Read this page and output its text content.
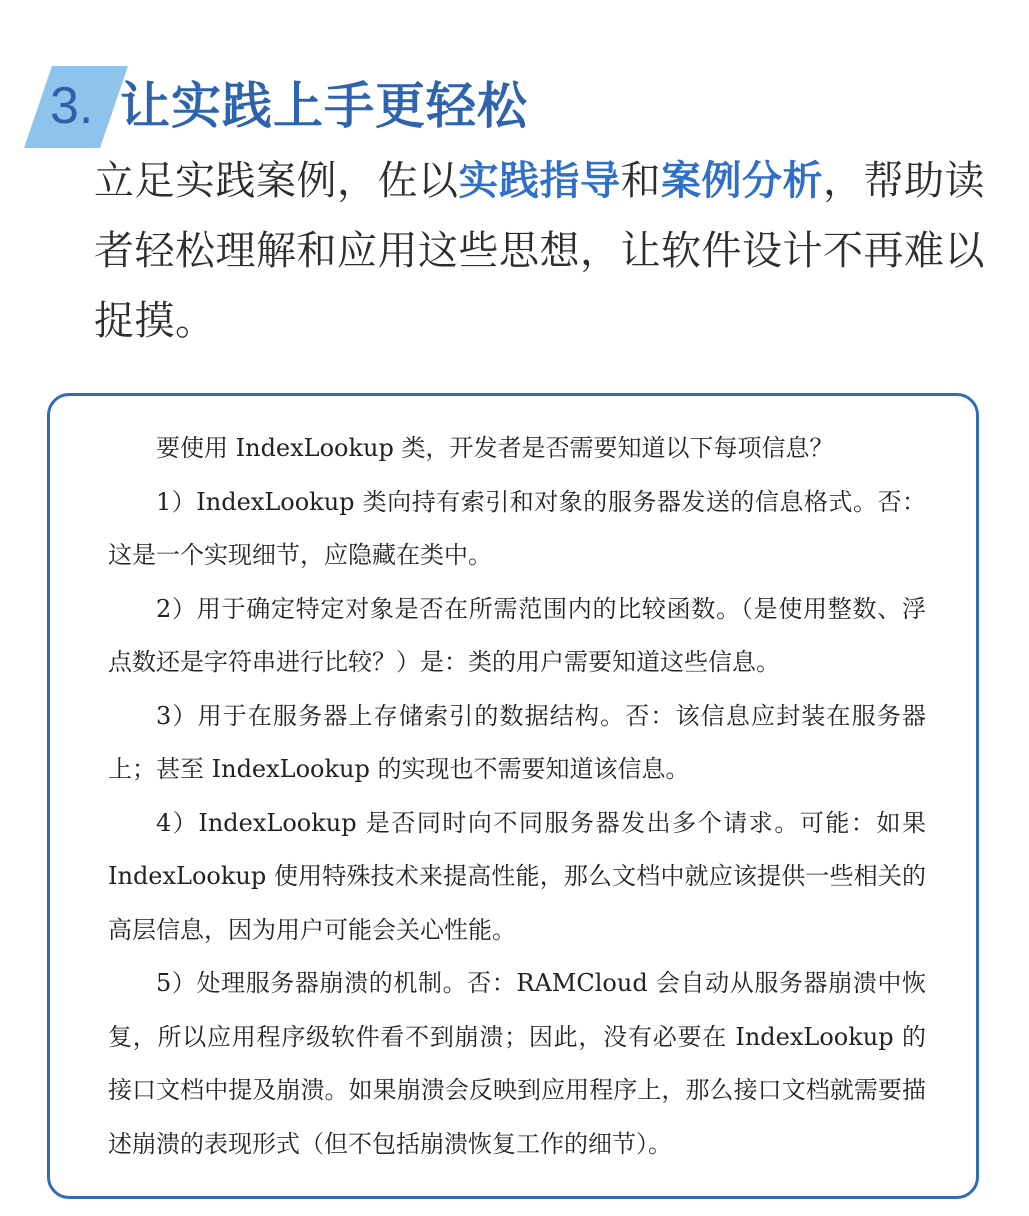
3. 让实践上手更轻松
立足实践案例，佐以实践指导和案例分析，帮助读者轻松理解和应用这些思想，让软件设计不再难以捉摸。

要使用 IndexLookup 类，开发者是否需要知道以下每项信息？

1）IndexLookup 类向持有索引和对象的服务器发送的信息格式。否：这是一个实现细节，应隐藏在类中。

2）用于确定特定对象是否在所需范围内的比较函数。（是使用整数、浮点数还是字符串进行比较？）是：类的用户需要知道这些信息。

3）用于在服务器上存储索引的数据结构。否：该信息应封装在服务器上；甚至 IndexLookup 的实现也不需要知道该信息。

4）IndexLookup 是否同时向不同服务器发出多个请求。可能：如果 IndexLookup 使用特殊技术来提高性能，那么文档中就应该提供一些相关的高层信息，因为用户可能会关心性能。

5）处理服务器崩溃的机制。否：RAMCloud 会自动从服务器崩溃中恢复，所以应用程序级软件看不到崩溃；因此，没有必要在 IndexLookup 的接口文档中提及崩溃。如果崩溃会反映到应用程序上，那么接口文档就需要描述崩溃的表现形式（但不包括崩溃恢复工作的细节）。
